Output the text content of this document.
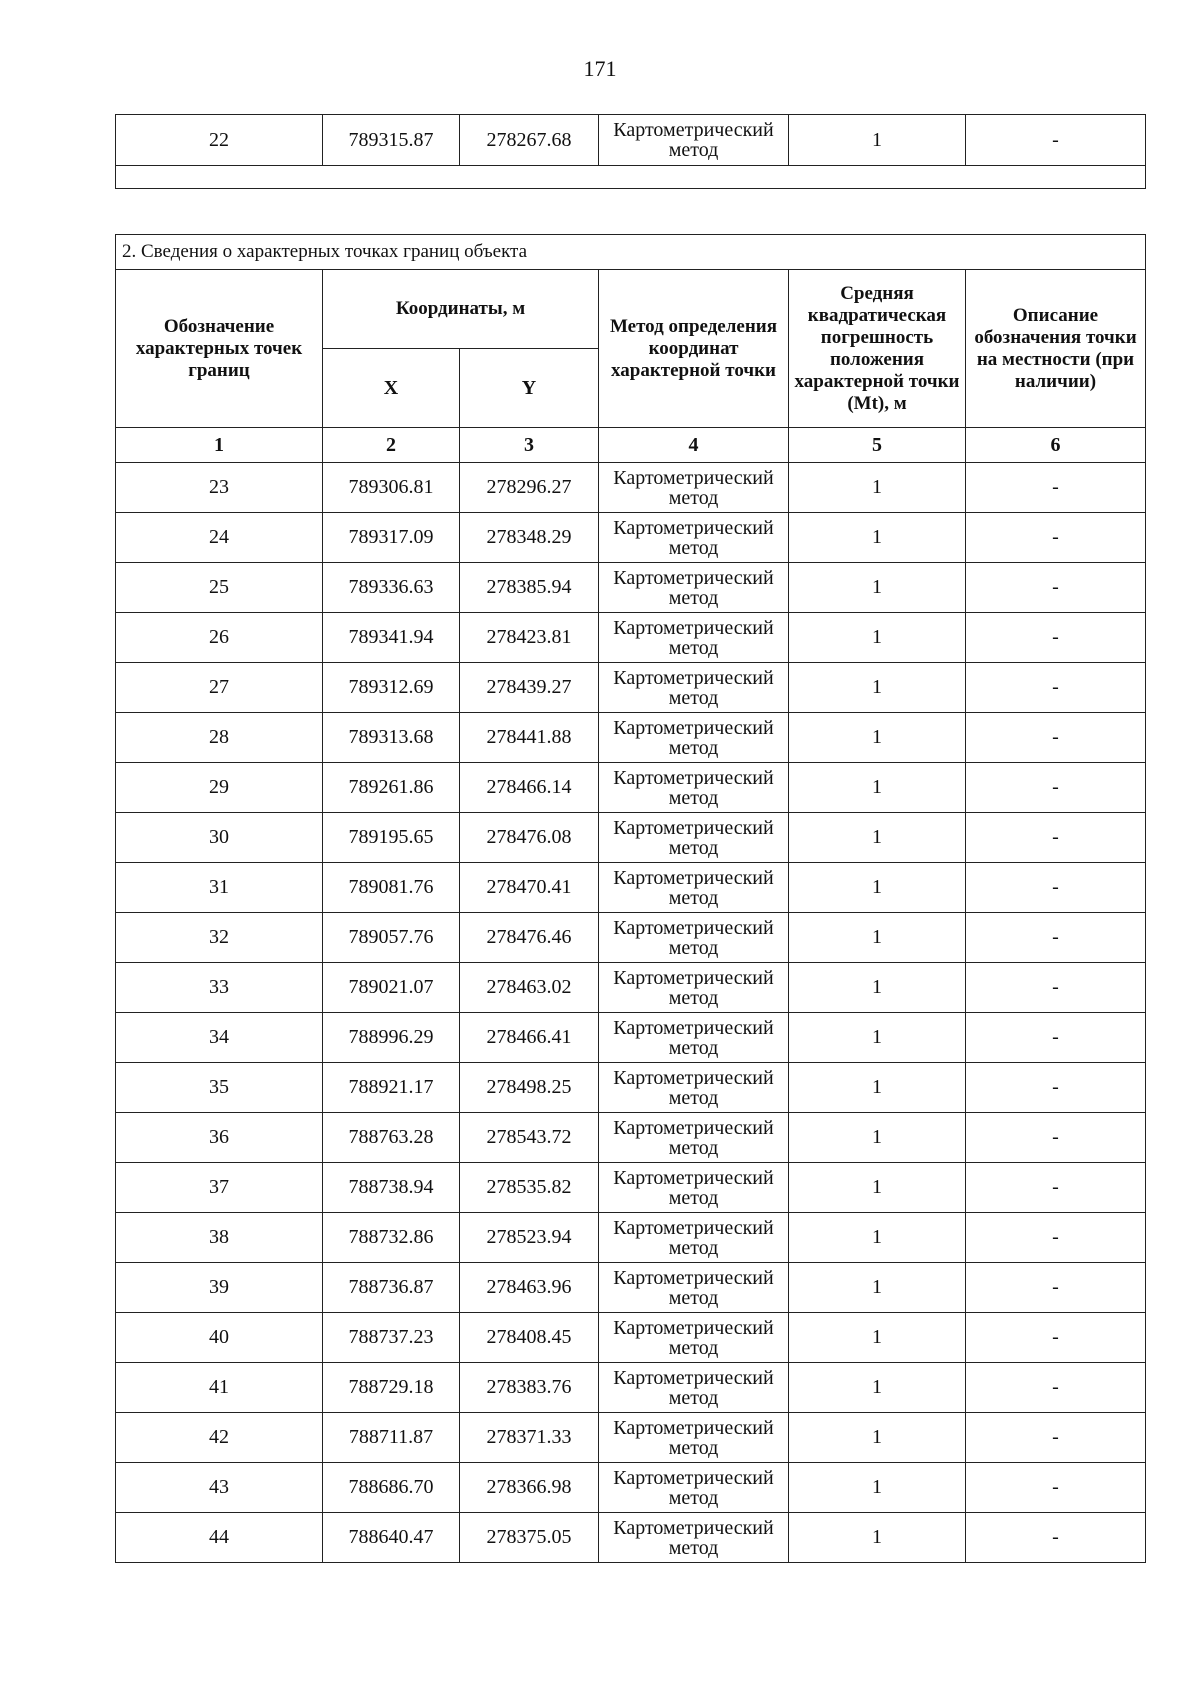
171
22	789315.87	278267.68	Картометрический метод	1	-

2. Сведения о характерных точках границ объекта					
Обозначение характерных точек границ	Координаты, м		Метод определения координат характерной точки	Средняя квадратическая погрешность положения характерной точки (Mt), м	Описание обозначения точки на местности (при наличии)
	X	Y			
1	2	3	4	5	6
23	789306.81	278296.27	Картометрический метод	1	-
24	789317.09	278348.29	Картометрический метод	1	-
25	789336.63	278385.94	Картометрический метод	1	-
26	789341.94	278423.81	Картометрический метод	1	-
27	789312.69	278439.27	Картометрический метод	1	-
28	789313.68	278441.88	Картометрический метод	1	-
29	789261.86	278466.14	Картометрический метод	1	-
30	789195.65	278476.08	Картометрический метод	1	-
31	789081.76	278470.41	Картометрический метод	1	-
32	789057.76	278476.46	Картометрический метод	1	-
33	789021.07	278463.02	Картометрический метод	1	-
34	788996.29	278466.41	Картометрический метод	1	-
35	788921.17	278498.25	Картометрический метод	1	-
36	788763.28	278543.72	Картометрический метод	1	-
37	788738.94	278535.82	Картометрический метод	1	-
38	788732.86	278523.94	Картометрический метод	1	-
39	788736.87	278463.96	Картометрический метод	1	-
40	788737.23	278408.45	Картометрический метод	1	-
41	788729.18	278383.76	Картометрический метод	1	-
42	788711.87	278371.33	Картометрический метод	1	-
43	788686.70	278366.98	Картометрический метод	1	-
44	788640.47	278375.05	Картометрический метод	1	-
